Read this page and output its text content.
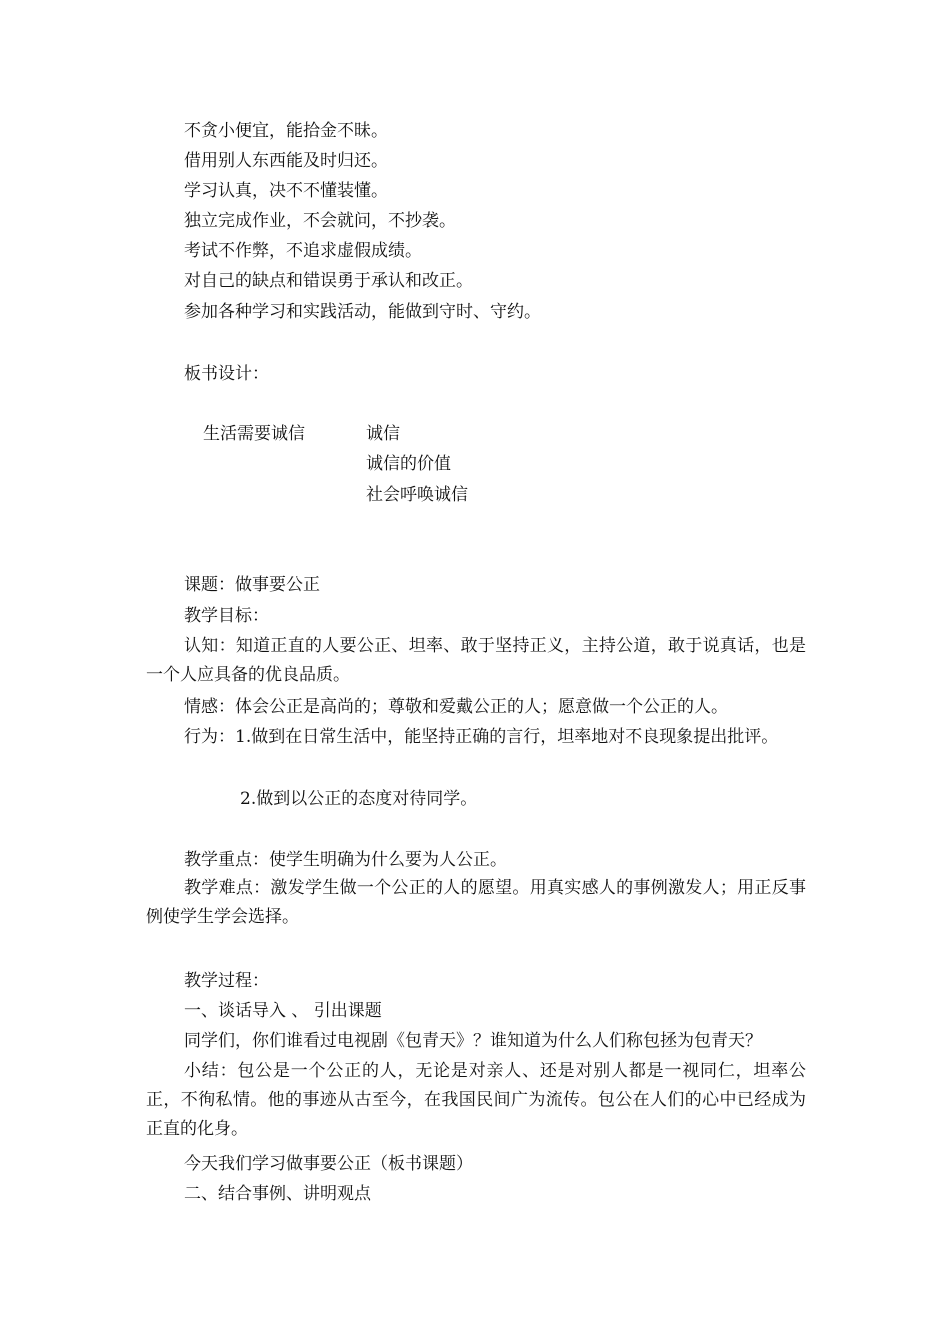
不贪小便宜，能拾金不昧。
借用别人东西能及时归还。
学习认真，决不不懂装懂。
独立完成作业，不会就问，不抄袭。
考试不作弊，不追求虚假成绩。
对自己的缺点和错误勇于承认和改正。
参加各种学习和实践活动，能做到守时、守约。
板书设计：
生活需要诚信	诚信
诚信的价值
社会呼唤诚信
课题：做事要公正
教学目标：
认知：知道正直的人要公正、坦率、敢于坚持正义，主持公道，敢于说真话，也是一个人应具备的优良品质。
情感：体会公正是高尚的；尊敬和爱戴公正的人；愿意做一个公正的人。
行为：1.做到在日常生活中，能坚持正确的言行，坦率地对不良现象提出批评。
2.做到以公正的态度对待同学。
教学重点：使学生明确为什么要为人公正。
教学难点：激发学生做一个公正的人的愿望。用真实感人的事例激发人；用正反事例使学生学会选择。
教学过程：
一、谈话导入 、 引出课题
同学们，你们谁看过电视剧《包青天》？谁知道为什么人们称包拯为包青天？
小结：包公是一个公正的人，无论是对亲人、还是对别人都是一视同仁，坦率公正，不徇私情。他的事迹从古至今，在我国民间广为流传。包公在人们的心中已经成为正直的化身。
今天我们学习做事要公正（板书课题）
二、结合事例、讲明观点
